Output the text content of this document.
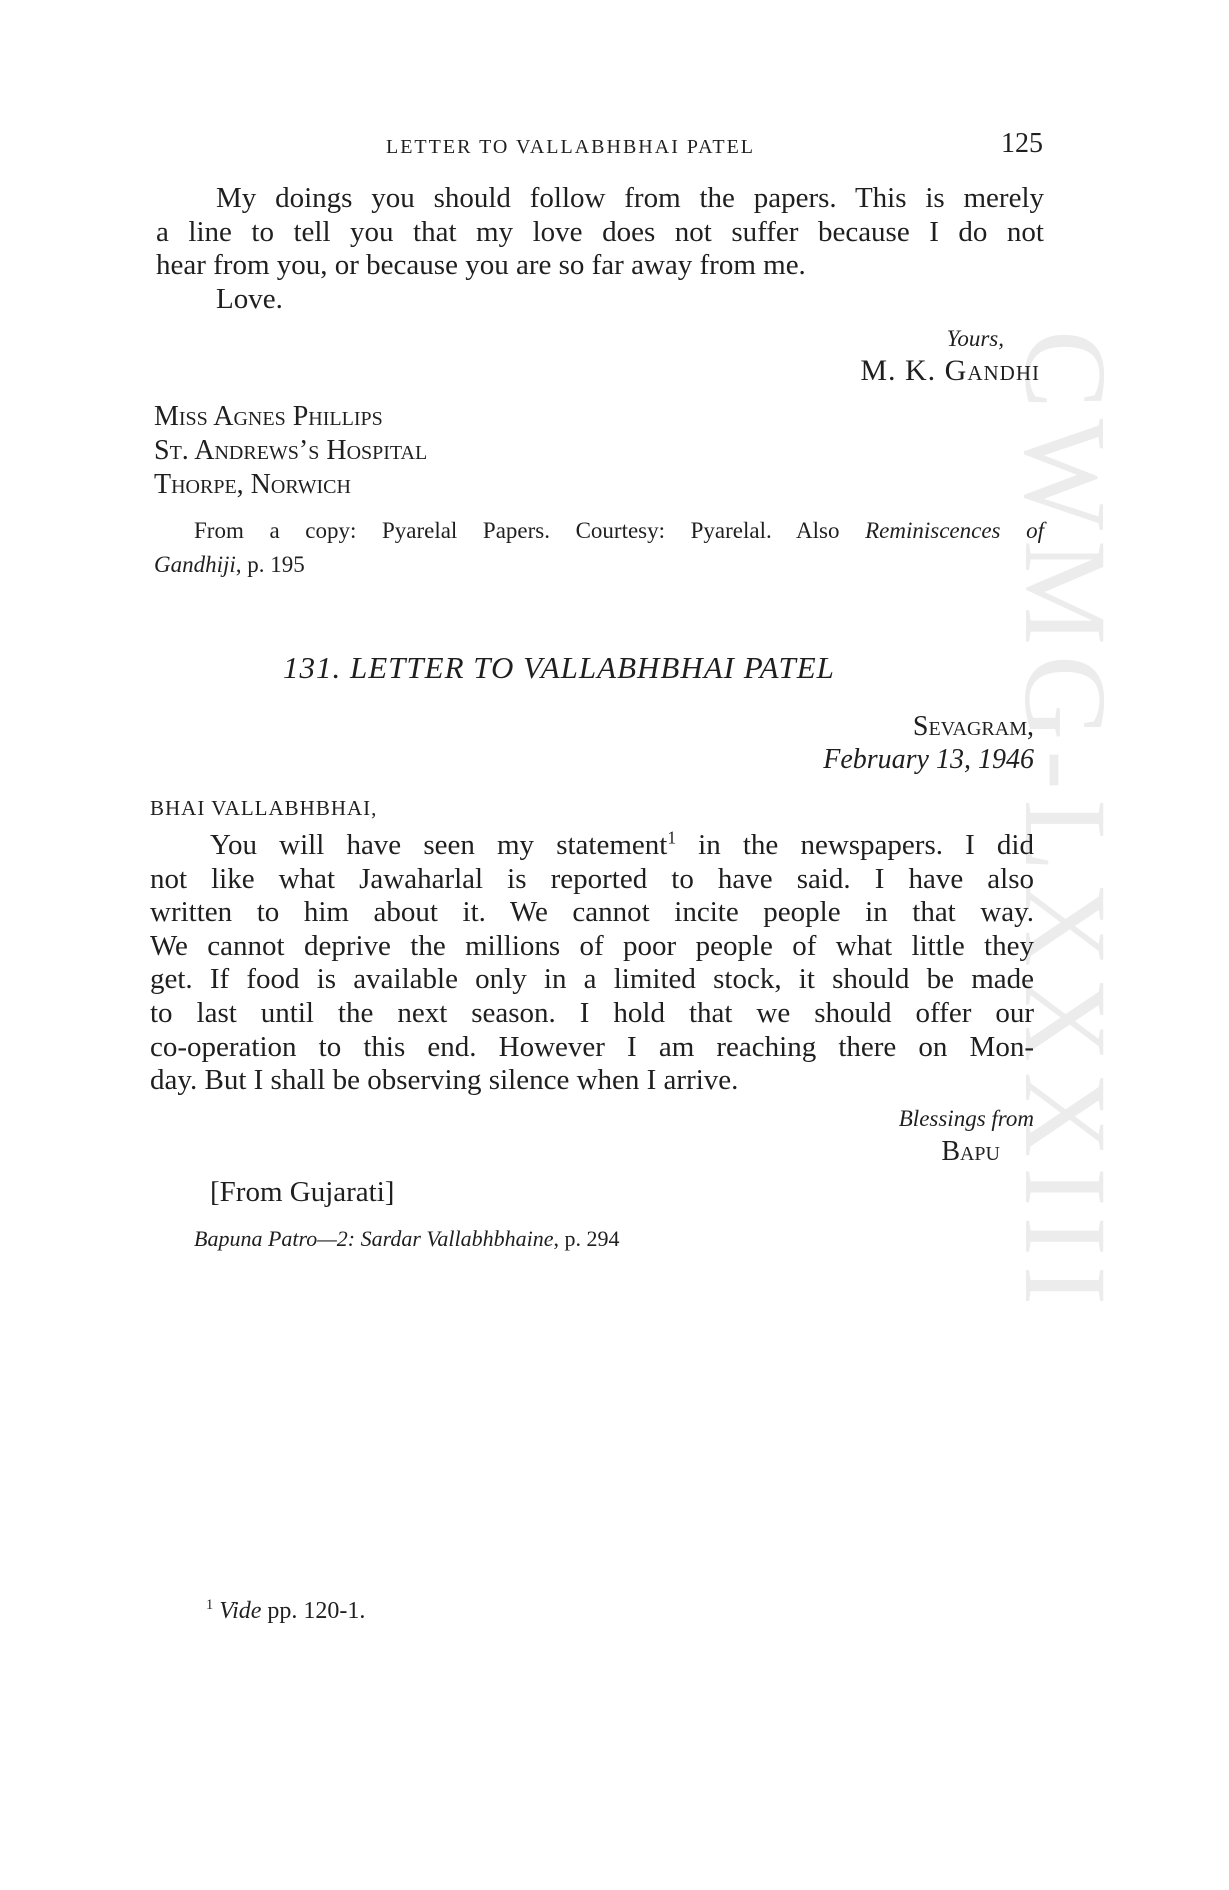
CWMG-LXXXIII
LETTER TO VALLABHBHAI PATEL	125
My doings you should follow from the papers. This is merely
a line to tell you that my love does not suffer because I do not
hear from you, or because you are so far away from me.
Love.
Yours,
M. K. Gandhi
Miss Agnes Phillips
St. Andrews’s Hospital
Thorpe, Norwich
From a copy: Pyarelal Papers. Courtesy: Pyarelal. Also Reminiscences of
Gandhiji, p. 195
131. LETTER TO VALLABHBHAI PATEL
Sevagram,
February 13, 1946
BHAI VALLABHBHAI,
You will have seen my statement$^1$ in the newspapers. I did
not like what Jawaharlal is reported to have said. I have also
written to him about it. We cannot incite people in that way.
We cannot deprive the millions of poor people of what little they
get. If food is available only in a limited stock, it should be made
to last until the next season. I hold that we should offer our
co-operation to this end. However I am reaching there on Mon-
day. But I shall be observing silence when I arrive.
Blessings from
Bapu
[From Gujarati]
Bapuna Patro—2: Sardar Vallabhbhaine, p. 294
$^1$ Vide pp. 120-1.
